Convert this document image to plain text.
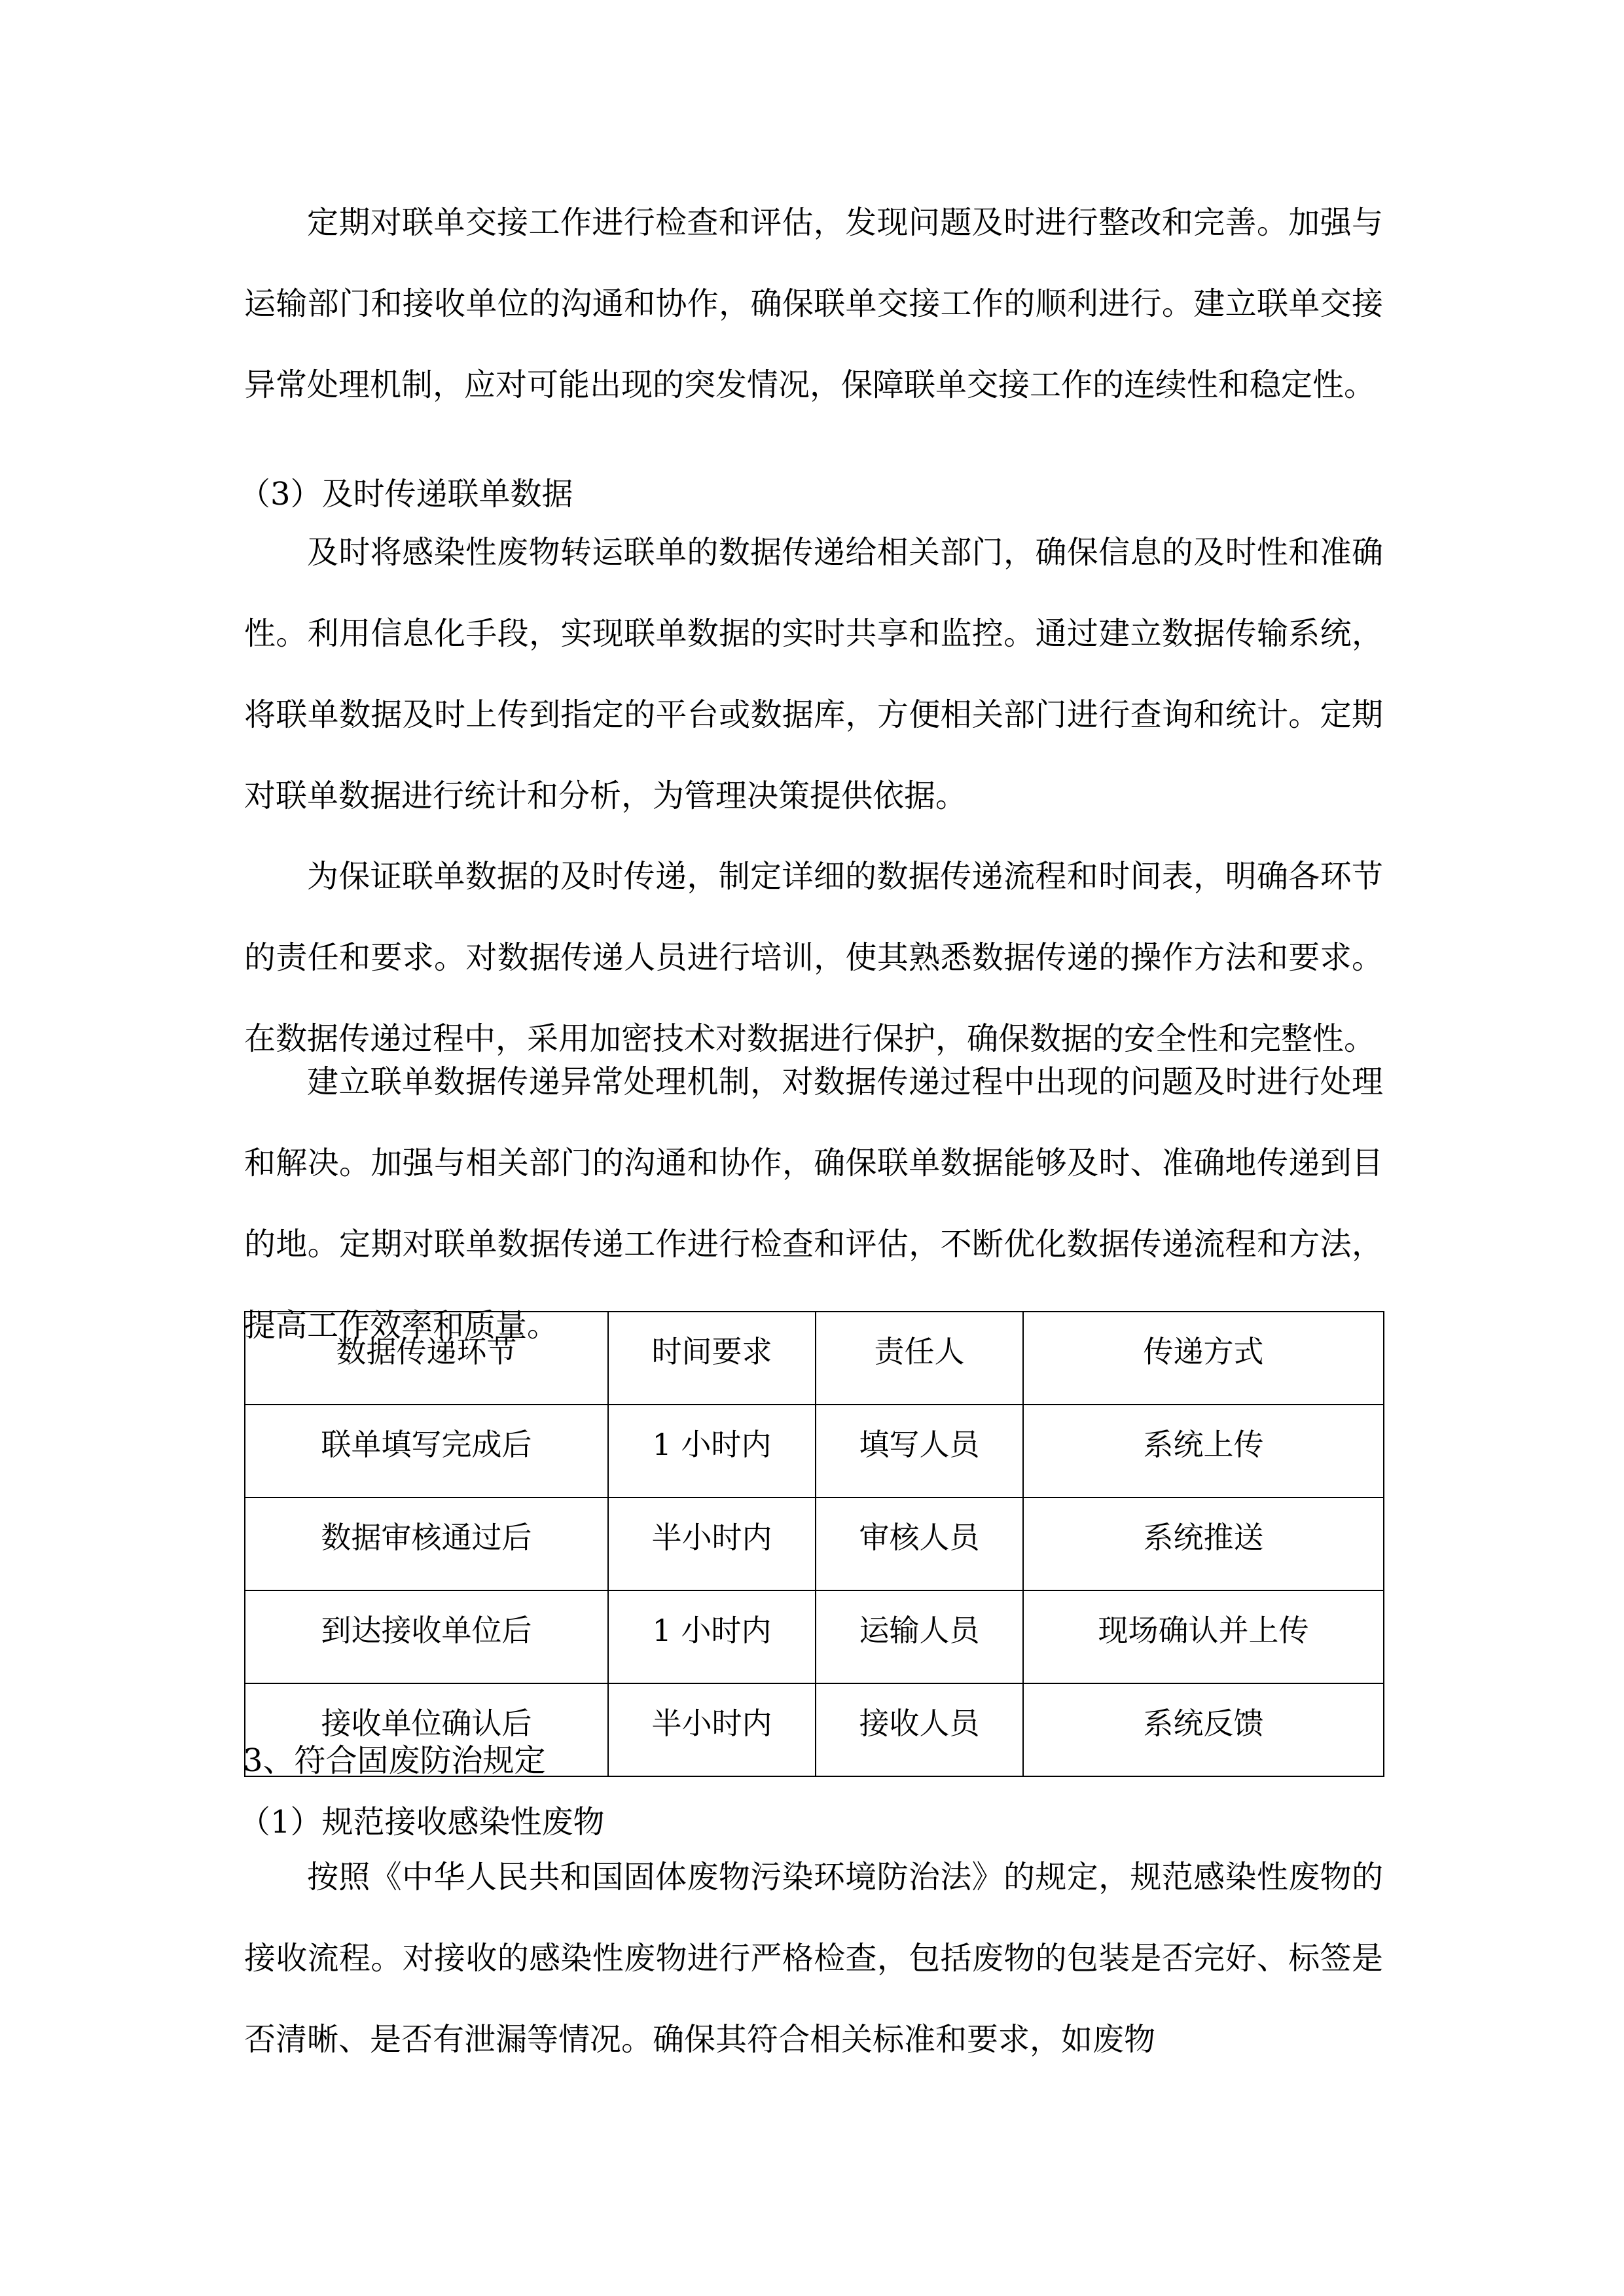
定期对联单交接工作进行检查和评估，发现问题及时进行整改和完善。加强与运输部门和接收单位的沟通和协作，确保联单交接工作的顺利进行。建立联单交接异常处理机制，应对可能出现的突发情况，保障联单交接工作的连续性和稳定性。

（3）及时传递联单数据

及时将感染性废物转运联单的数据传递给相关部门，确保信息的及时性和准确性。利用信息化手段，实现联单数据的实时共享和监控。通过建立数据传输系统，将联单数据及时上传到指定的平台或数据库，方便相关部门进行查询和统计。定期对联单数据进行统计和分析，为管理决策提供依据。

为保证联单数据的及时传递，制定详细的数据传递流程和时间表，明确各环节的责任和要求。对数据传递人员进行培训，使其熟悉数据传递的操作方法和要求。在数据传递过程中，采用加密技术对数据进行保护，确保数据的安全性和完整性。

建立联单数据传递异常处理机制，对数据传递过程中出现的问题及时进行处理和解决。加强与相关部门的沟通和协作，确保联单数据能够及时、准确地传递到目的地。定期对联单数据传递工作进行检查和评估，不断优化数据传递流程和方法，提高工作效率和质量。

数据传递环节	时间要求	责任人	传递方式
联单填写完成后	1 小时内	填写人员	系统上传
数据审核通过后	半小时内	审核人员	系统推送
到达接收单位后	1 小时内	运输人员	现场确认并上传
接收单位确认后	半小时内	接收人员	系统反馈

3、符合固废防治规定

（1）规范接收感染性废物

按照《中华人民共和国固体废物污染环境防治法》的规定，规范感染性废物的接收流程。对接收的感染性废物进行严格检查，包括废物的包装是否完好、标签是否清晰、是否有泄漏等情况。确保其符合相关标准和要求，如废物
